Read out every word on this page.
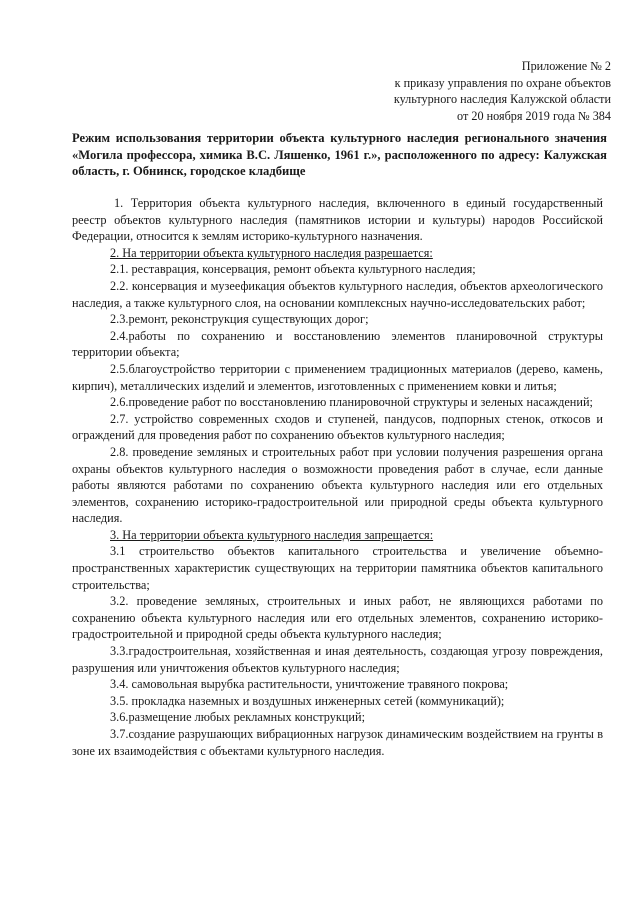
Приложение № 2
к приказу управления по охране объектов
культурного наследия Калужской области
от 20 ноября 2019 года № 384
Режим использования территории объекта культурного наследия регионального значения «Могила профессора, химика В.С. Ляшенко, 1961 г.», расположенного по адресу: Калужская область, г. Обнинск, городское кладбище

1. Территория объекта культурного наследия, включенного в единый государственный реестр объектов культурного наследия (памятников истории и культуры) народов Российской Федерации, относится к землям историко-культурного назначения.

2. На территории объекта культурного наследия разрешается:

2.1. реставрация, консервация, ремонт объекта культурного наследия;

2.2. консервация и музеефикация объектов культурного наследия, объектов археологического наследия, а также культурного слоя, на основании комплексных научно-исследовательских работ;

2.3.ремонт, реконструкция существующих дорог;

2.4.работы по сохранению и восстановлению элементов планировочной структуры территории объекта;

2.5.благоустройство территории с применением традиционных материалов (дерево, камень, кирпич), металлических изделий и элементов, изготовленных с применением ковки и литья;

2.6.проведение работ по восстановлению планировочной структуры и зеленых насаждений;

2.7. устройство современных сходов и ступеней, пандусов, подпорных стенок, откосов и ограждений для проведения работ по сохранению объектов культурного наследия;

2.8. проведение земляных и строительных работ при условии получения разрешения органа охраны объектов культурного наследия о возможности проведения работ в случае, если данные работы являются работами по сохранению объекта культурного наследия или его отдельных элементов, сохранению историко-градостроительной или природной среды объекта культурного наследия.

3. На территории объекта культурного наследия запрещается:

3.1 строительство объектов капитального строительства и увеличение объемно-пространственных характеристик существующих на территории памятника объектов капитального строительства;

3.2. проведение земляных, строительных и иных работ, не являющихся работами по сохранению объекта культурного наследия или его отдельных элементов, сохранению историко-градостроительной и природной среды объекта культурного наследия;

3.3.градостроительная, хозяйственная и иная деятельность, создающая угрозу повреждения, разрушения или уничтожения объектов культурного наследия;

3.4. самовольная вырубка растительности, уничтожение травяного покрова;

3.5. прокладка наземных и воздушных инженерных сетей (коммуникаций);

3.6.размещение любых рекламных конструкций;

3.7.создание разрушающих вибрационных нагрузок динамическим воздействием на грунты в зоне их взаимодействия с объектами культурного наследия.
